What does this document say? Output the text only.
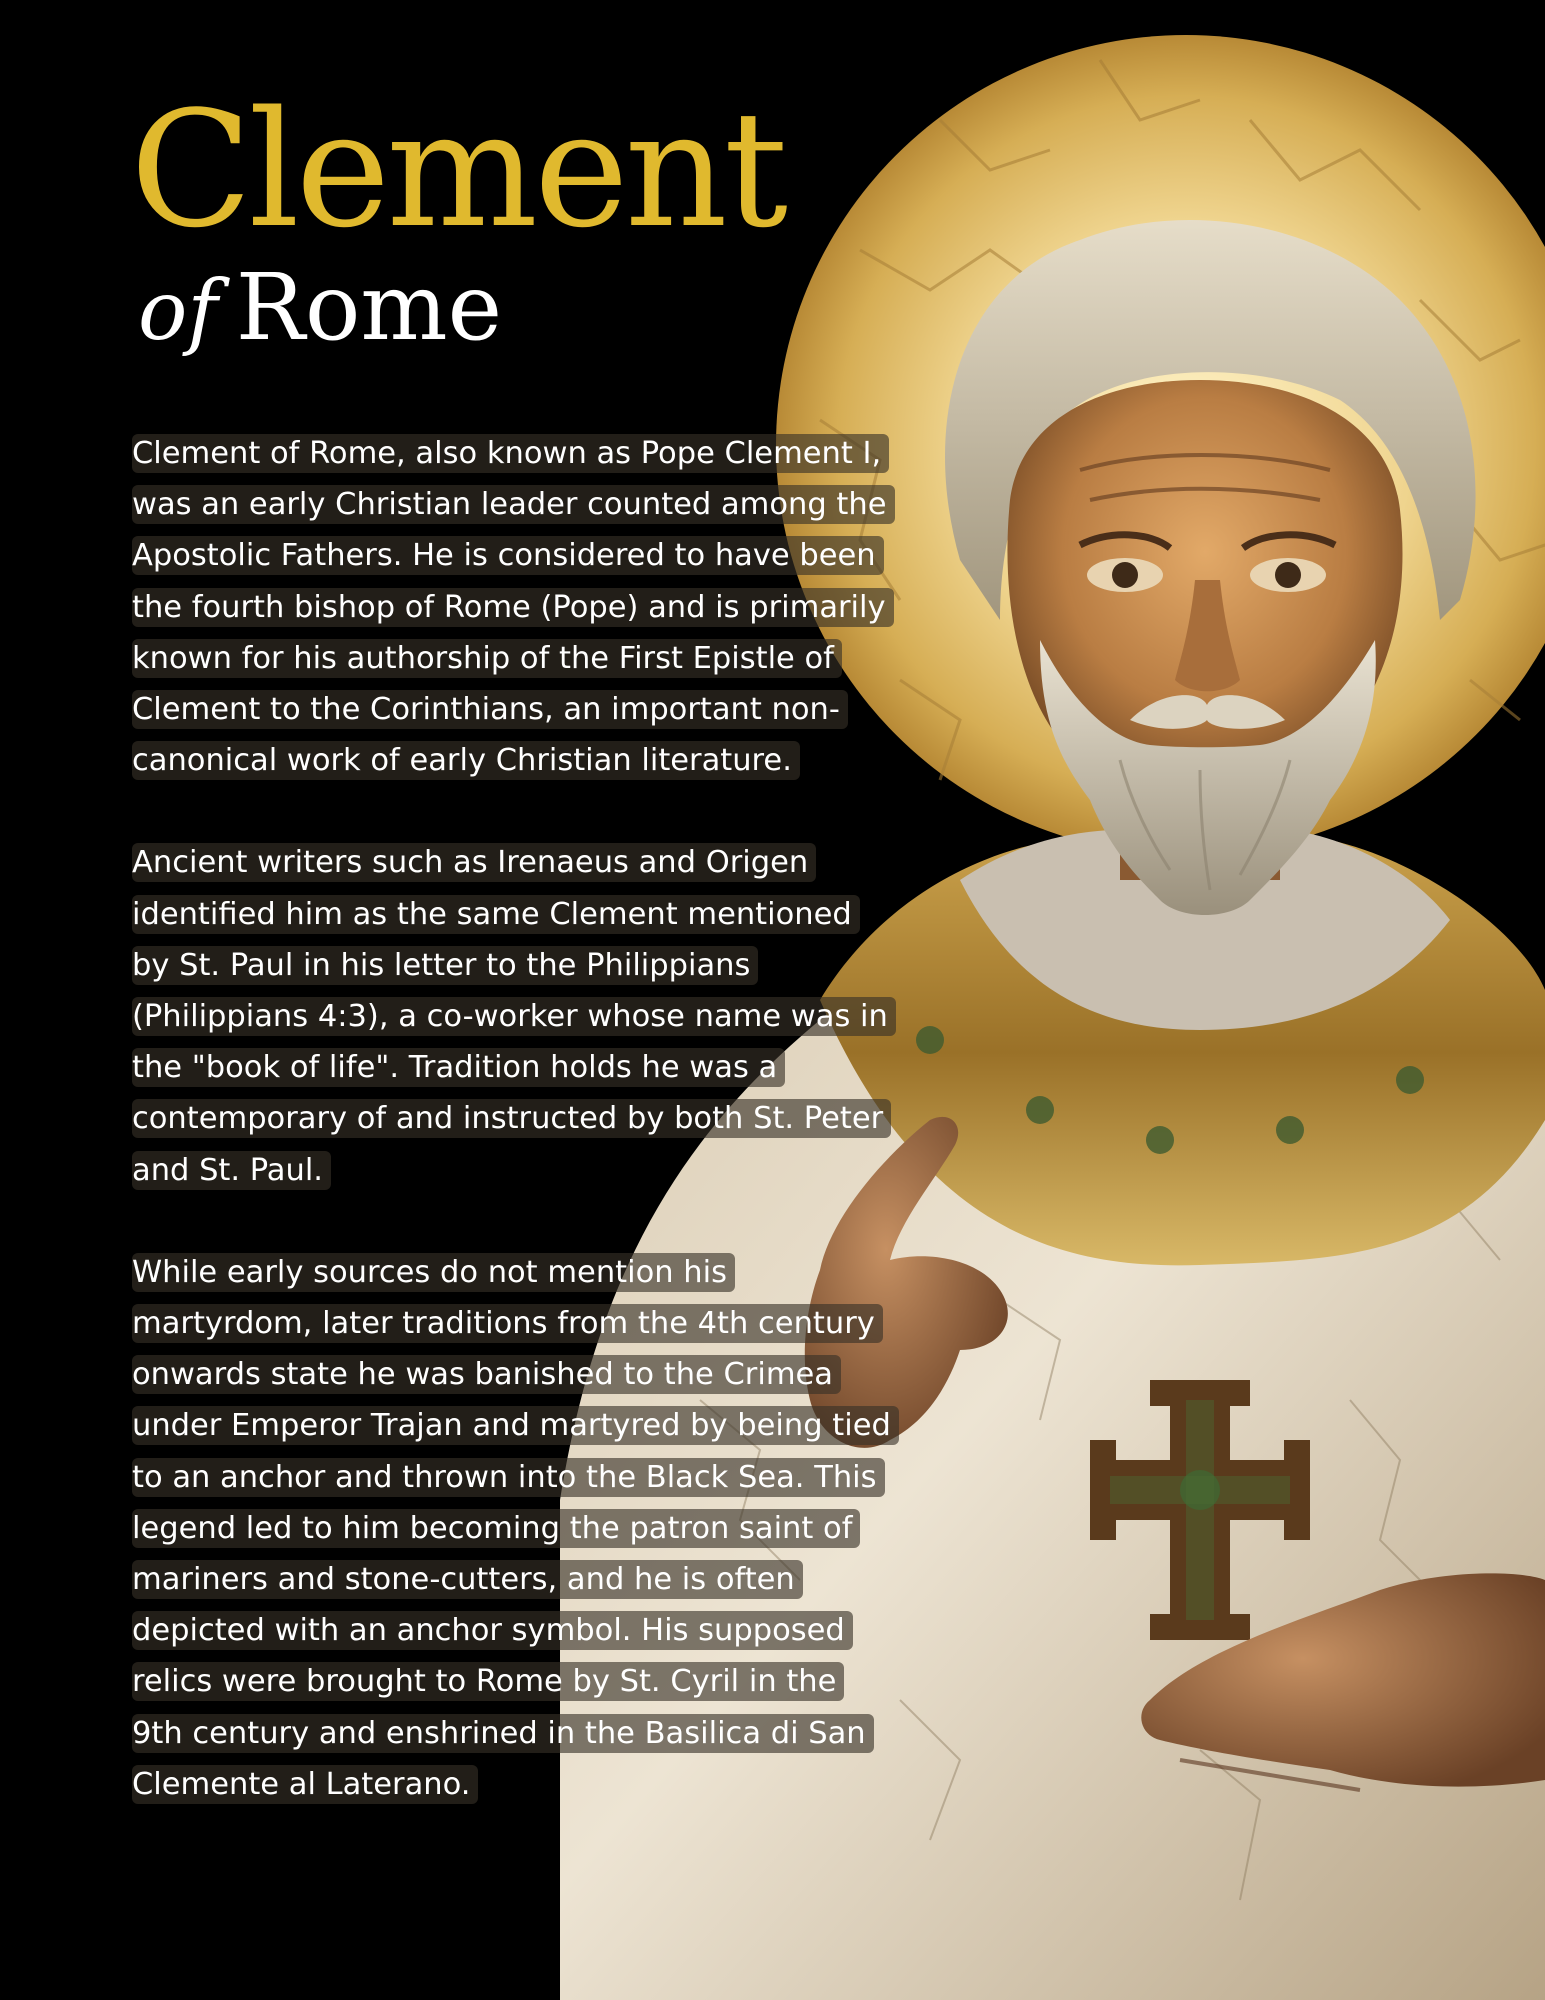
Clement
of Rome

Clement of Rome, also known as Pope Clement I, was an early Christian leader counted among the Apostolic Fathers. He is considered to have been the fourth bishop of Rome (Pope) and is primarily known for his authorship of the First Epistle of Clement to the Corinthians, an important non-canonical work of early Christian literature.

Ancient writers such as Irenaeus and Origen identified him as the same Clement mentioned by St. Paul in his letter to the Philippians (Philippians 4:3), a co-worker whose name was in the "book of life". Tradition holds he was a contemporary of and instructed by both St. Peter and St. Paul.

While early sources do not mention his martyrdom, later traditions from the 4th century onwards state he was banished to the Crimea under Emperor Trajan and martyred by being tied to an anchor and thrown into the Black Sea. This legend led to him becoming the patron saint of mariners and stone-cutters, and he is often depicted with an anchor symbol. His supposed relics were brought to Rome by St. Cyril in the 9th century and enshrined in the Basilica di San Clemente al Laterano.
